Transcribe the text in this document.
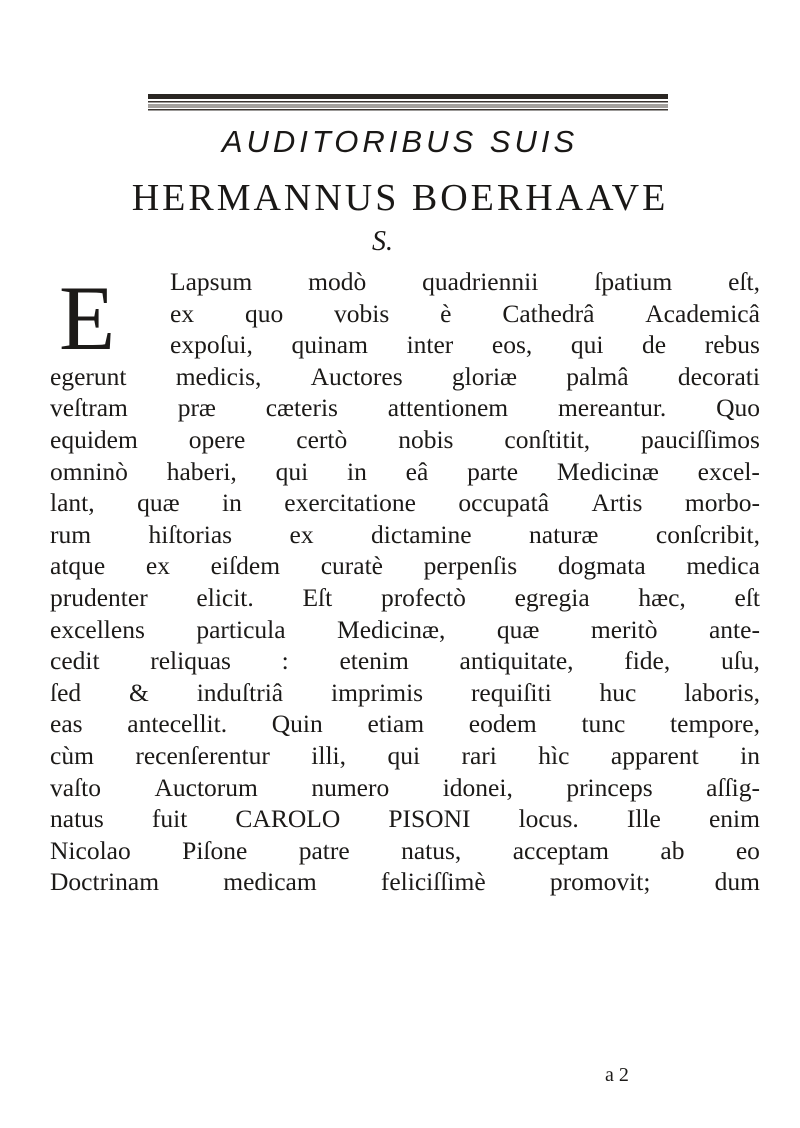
AUDITORIBUS SUIS
HERMANNUS BOERHAAVE
S.
E Lapsum modò quadriennii ſpatium eſt,
ex quo vobis è Cathedrâ Academicâ
expoſui, quinam inter eos, qui de rebus
egerunt medicis, Auctores gloriæ palmâ decorati
veſtram præ cæteris attentionem mereantur. Quo
equidem opere certò nobis conſtitit, pauciſſimos
omninò haberi, qui in eâ parte Medicinæ excel-
lant, quæ in exercitatione occupatâ Artis morbo-
rum hiſtorias ex dictamine naturæ conſcribit,
atque ex eiſdem curatè perpenſis dogmata medica
prudenter elicit. Eſt profectò egregia hæc, eſt
excellens particula Medicinæ, quæ meritò ante-
cedit reliquas : etenim antiquitate, fide, uſu,
ſed & induſtriâ imprimis requiſiti huc laboris,
eas antecellit. Quin etiam eodem tunc tempore,
cùm recenſerentur illi, qui rari hìc apparent in
vaſto Auctorum numero idonei, princeps aſſig-
natus fuit CAROLO PISONI locus. Ille enim
Nicolao Piſone patre natus, acceptam ab eo
Doctrinam	medicam	feliciſſimè	promovit;	dum
a 2
